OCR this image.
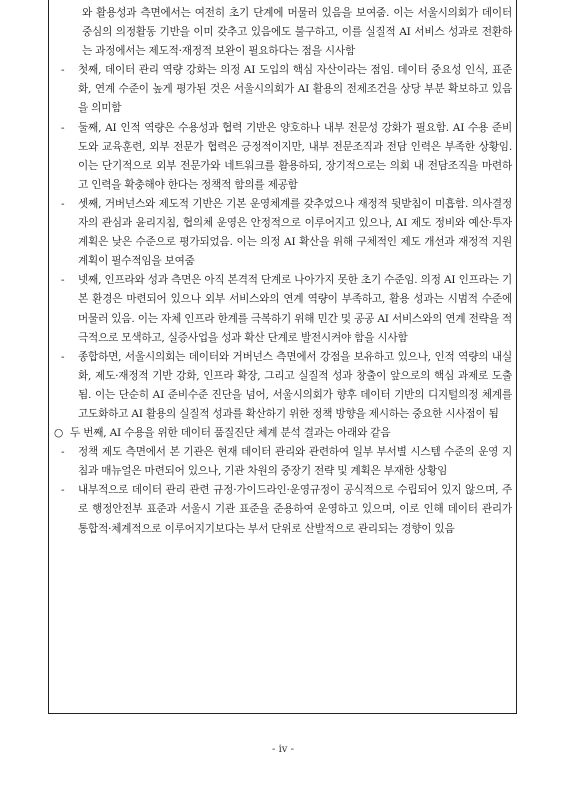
와 활용성과 측면에서는 여전히 초기 단계에 머물러 있음을 보여줌. 이는 서울시의회가 데이터 중심의 의정활동 기반을 이미 갖추고 있음에도 불구하고, 이를 실질적 AI 서비스 성과로 전환하는 과정에서는 제도적·재정적 보완이 필요하다는 점을 시사함
-	첫째, 데이터 관리 역량 강화는 의정 AI 도입의 핵심 자산이라는 점임. 데이터 중요성 인식, 표준화, 연계 수준이 높게 평가된 것은 서울시의회가 AI 활용의 전제조건을 상당 부분 확보하고 있음을 의미함
-	둘째, AI 인적 역량은 수용성과 협력 기반은 양호하나 내부 전문성 강화가 필요함. AI 수용 준비도와 교육훈련, 외부 전문가 협력은 긍정적이지만, 내부 전문조직과 전담 인력은 부족한 상황임. 이는 단기적으로 외부 전문가와 네트워크를 활용하되, 장기적으로는 의회 내 전담조직을 마련하고 인력을 확충해야 한다는 정책적 함의를 제공함
-	셋째, 거버넌스와 제도적 기반은 기본 운영체계를 갖추었으나 재정적 뒷받침이 미흡함. 의사결정자의 관심과 윤리지침, 협의체 운영은 안정적으로 이루어지고 있으나, AI 제도 정비와 예산·투자계획은 낮은 수준으로 평가되었음. 이는 의정 AI 확산을 위해 구체적인 제도 개선과 재정적 지원 계획이 필수적임을 보여줌
-	넷째, 인프라와 성과 측면은 아직 본격적 단계로 나아가지 못한 초기 수준임. 의정 AI 인프라는 기본 환경은 마련되어 있으나 외부 서비스와의 연계 역량이 부족하고, 활용 성과는 시범적 수준에 머물러 있음. 이는 자체 인프라 한계를 극복하기 위해 민간 및 공공 AI 서비스와의 연계 전략을 적극적으로 모색하고, 실증사업을 성과 확산 단계로 발전시켜야 함을 시사함
-	종합하면, 서울시의회는 데이터와 거버넌스 측면에서 강점을 보유하고 있으나, 인적 역량의 내실화, 제도·재정적 기반 강화, 인프라 확장, 그리고 실질적 성과 창출이 앞으로의 핵심 과제로 도출됨. 이는 단순히 AI 준비수준 진단을 넘어, 서울시의회가 향후 데이터 기반의 디지털의정 체계를 고도화하고 AI 활용의 실질적 성과를 확산하기 위한 정책 방향을 제시하는 중요한 시사점이 됨
○ 두 번째, AI 수용을 위한 데이터 품질진단 체계 분석 결과는 아래와 같음
-	정책 제도 측면에서 본 기관은 현재 데이터 관리와 관련하여 일부 부서별 시스템 수준의 운영 지침과 매뉴얼은 마련되어 있으나, 기관 차원의 중장기 전략 및 계획은 부재한 상황임
-	내부적으로 데이터 관리 관련 규정·가이드라인·운영규정이 공식적으로 수립되어 있지 않으며, 주로 행정안전부 표준과 서울시 기관 표준을 준용하여 운영하고 있으며, 이로 인해 데이터 관리가 통합적·체계적으로 이루어지기보다는 부서 단위로 산발적으로 관리되는 경향이 있음
- iv -
